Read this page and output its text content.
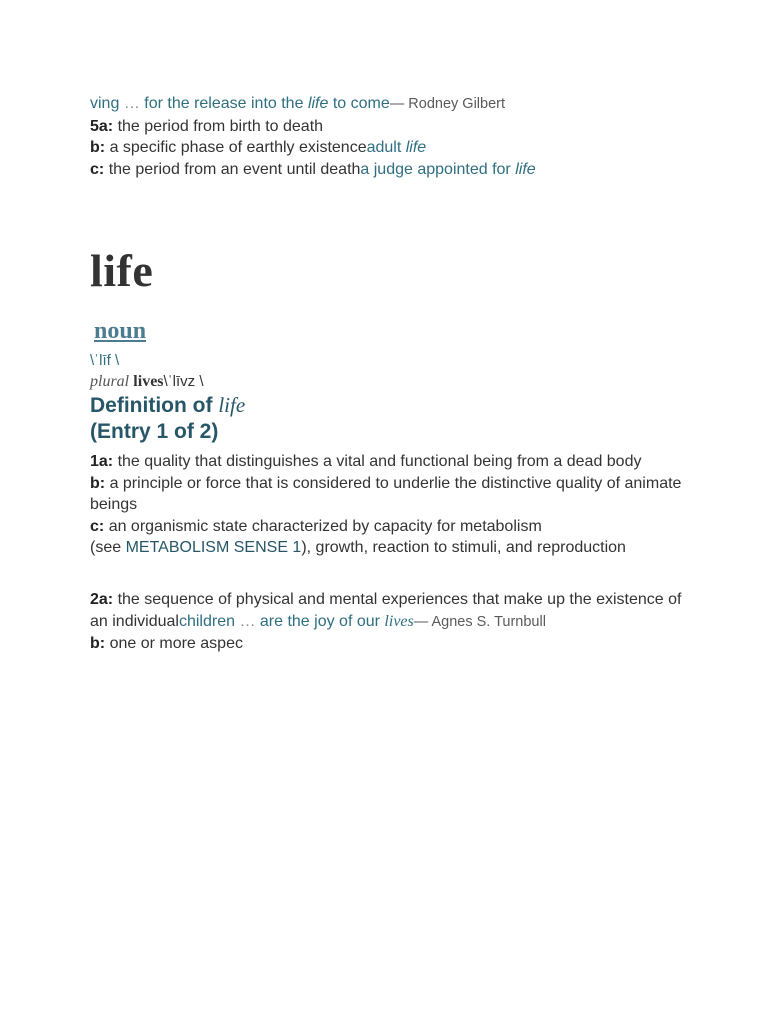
ving … for the release into the life to come— Rodney Gilbert
5a: the period from birth to death
b: a specific phase of earthly existenceadult life
c: the period from an event until deatha judge appointed for life
life
noun
\ˈlīf \
plural lives\ˈlīvz \
Definition of life
(Entry 1 of 2)
1a: the quality that distinguishes a vital and functional being from a dead body
b: a principle or force that is considered to underlie the distinctive quality of animate beings
c: an organismic state characterized by capacity for metabolism
(see METABOLISM SENSE 1), growth, reaction to stimuli, and reproduction
2a: the sequence of physical and mental experiences that make up the existence of an individualchildren … are the joy of our lives— Agnes S. Turnbull
b: one or more aspec
